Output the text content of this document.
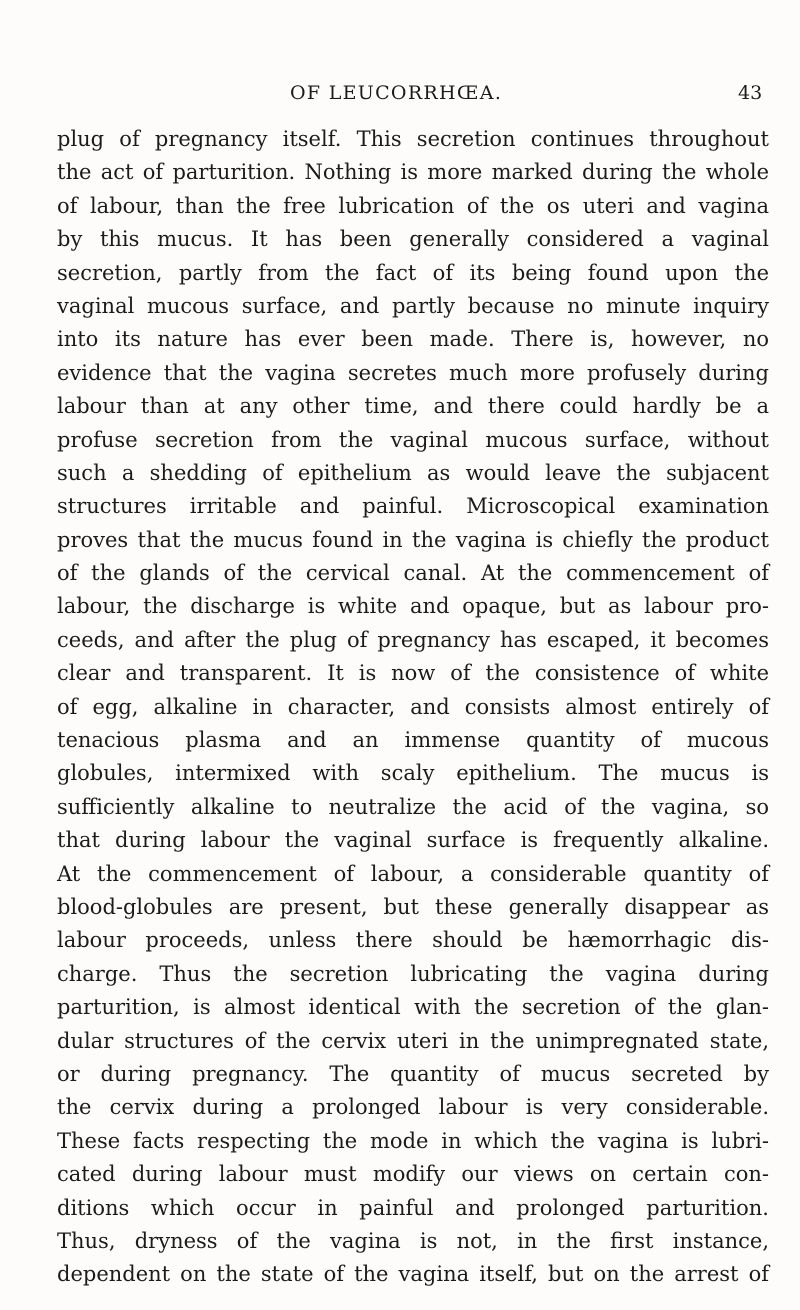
OF LEUCORRHŒA.	43
plug of pregnancy itself. This secretion continues throughout
the act of parturition. Nothing is more marked during the whole
of labour, than the free lubrication of the os uteri and vagina
by this mucus. It has been generally considered a vaginal
secretion, partly from the fact of its being found upon the
vaginal mucous surface, and partly because no minute inquiry
into its nature has ever been made. There is, however, no
evidence that the vagina secretes much more profusely during
labour than at any other time, and there could hardly be a
profuse secretion from the vaginal mucous surface, without
such a shedding of epithelium as would leave the subjacent
structures irritable and painful. Microscopical examination
proves that the mucus found in the vagina is chiefly the product
of the glands of the cervical canal. At the commencement of
labour, the discharge is white and opaque, but as labour pro-
ceeds, and after the plug of pregnancy has escaped, it becomes
clear and transparent. It is now of the consistence of white
of egg, alkaline in character, and consists almost entirely of
tenacious plasma and an immense quantity of mucous
globules, intermixed with scaly epithelium. The mucus is
sufficiently alkaline to neutralize the acid of the vagina, so
that during labour the vaginal surface is frequently alkaline.
At the commencement of labour, a considerable quantity of
blood-globules are present, but these generally disappear as
labour proceeds, unless there should be hæmorrhagic dis-
charge. Thus the secretion lubricating the vagina during
parturition, is almost identical with the secretion of the glan-
dular structures of the cervix uteri in the unimpregnated state,
or during pregnancy. The quantity of mucus secreted by
the cervix during a prolonged labour is very considerable.
These facts respecting the mode in which the vagina is lubri-
cated during labour must modify our views on certain con-
ditions which occur in painful and prolonged parturition.
Thus, dryness of the vagina is not, in the first instance,
dependent on the state of the vagina itself, but on the arrest of
